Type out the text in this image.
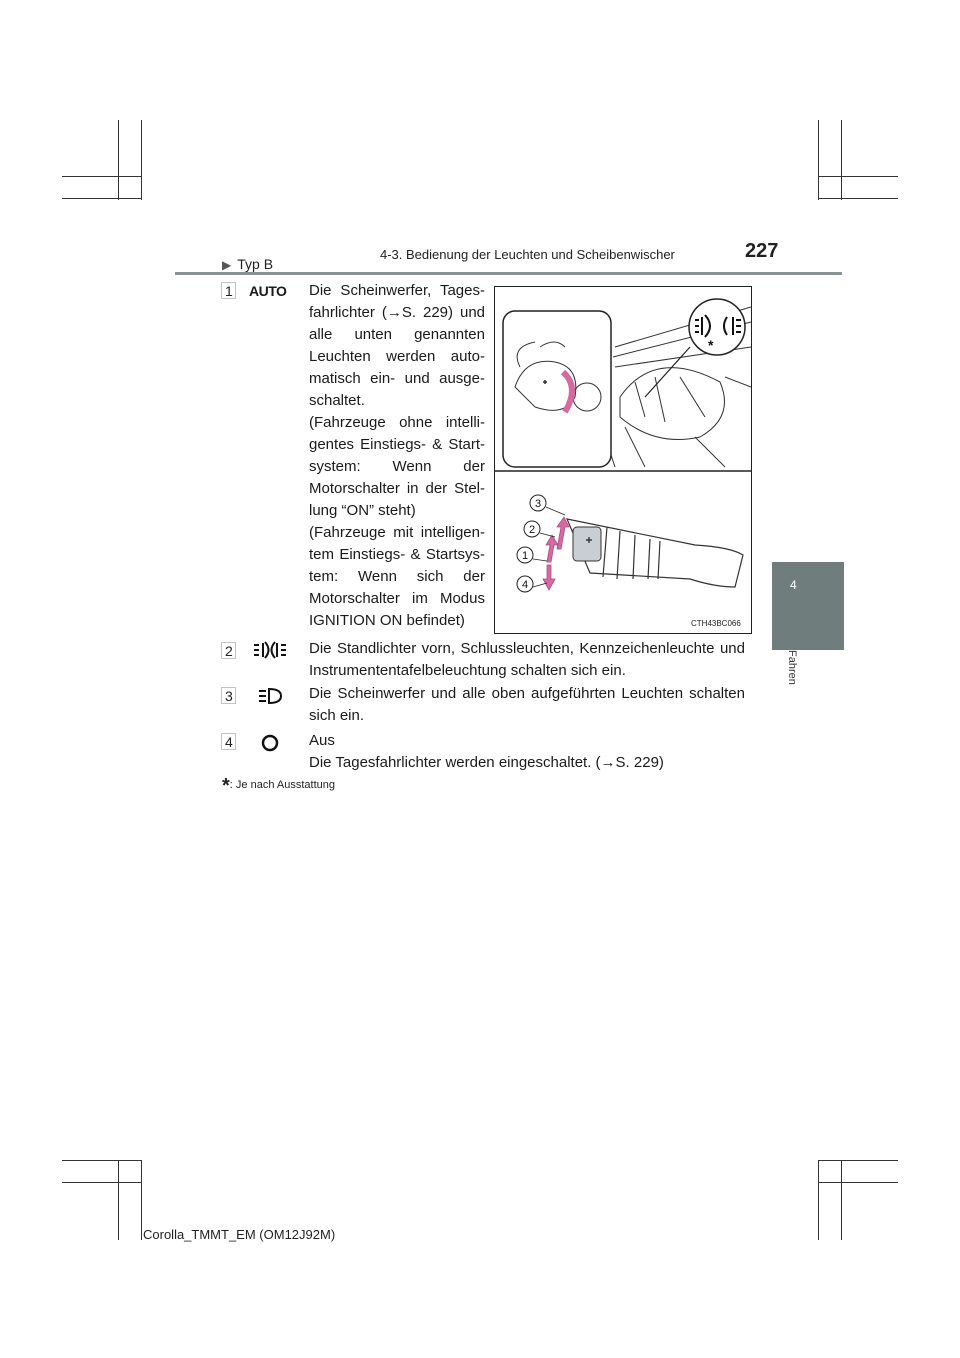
4-3. Bedienung der Leuchten und Scheibenwischer	227
4
Fahren
▶ Typ B
1	AUTO Die Scheinwerfer, Tages-
fahrlichter (→S. 229) und
alle unten genannten
Leuchten werden auto-
matisch ein- und ausge-
schaltet.
(Fahrzeuge ohne intelli-
gentes Einstiegs- & Start-
system: Wenn der
Motorschalter in der Stel-
lung “ON” steht)
(Fahrzeuge mit intelligen-
tem Einstiegs- & Startsys-
tem: Wenn sich der
Motorschalter im Modus
IGNITION ON befindet)
*
3
2
1
4
CTH43BC066
2	Die Standlichter vorn, Schlussleuchten, Kennzeichenleuchte und
Instrumententafelbeleuchtung schalten sich ein.
3	Die Scheinwerfer und alle oben aufgeführten Leuchten schalten
sich ein.
4	Aus
Die Tagesfahrlichter werden eingeschaltet. (→S. 229)
*: Je nach Ausstattung
Corolla_TMMT_EM (OM12J92M)
